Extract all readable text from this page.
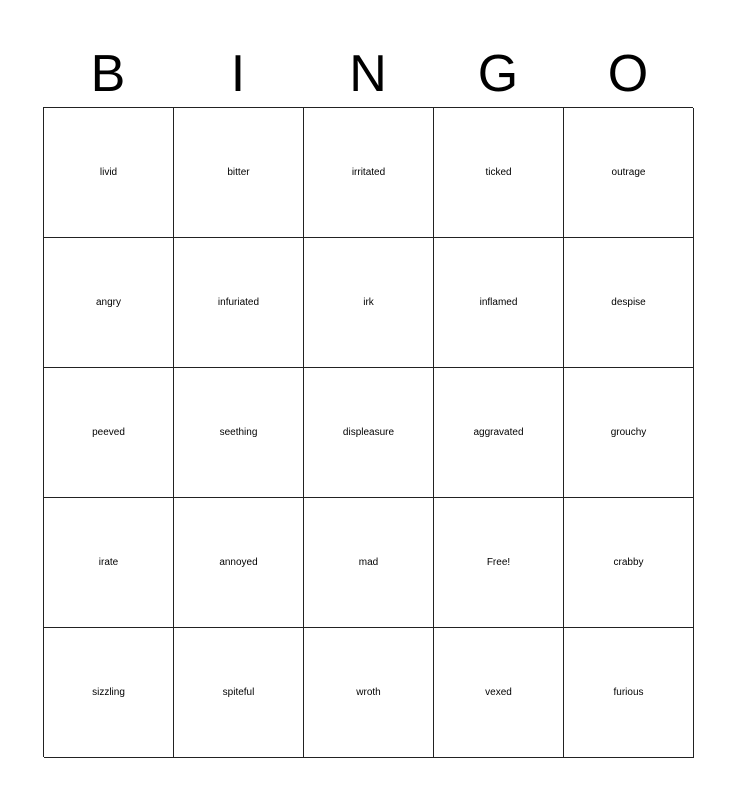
B	I	N	G	O
livid	bitter	irritated	ticked	outrage
angry	infuriated	irk	inflamed	despise
peeved	seething	displeasure	aggravated	grouchy
irate	annoyed	mad	Free!	crabby
sizzling	spiteful	wroth	vexed	furious
